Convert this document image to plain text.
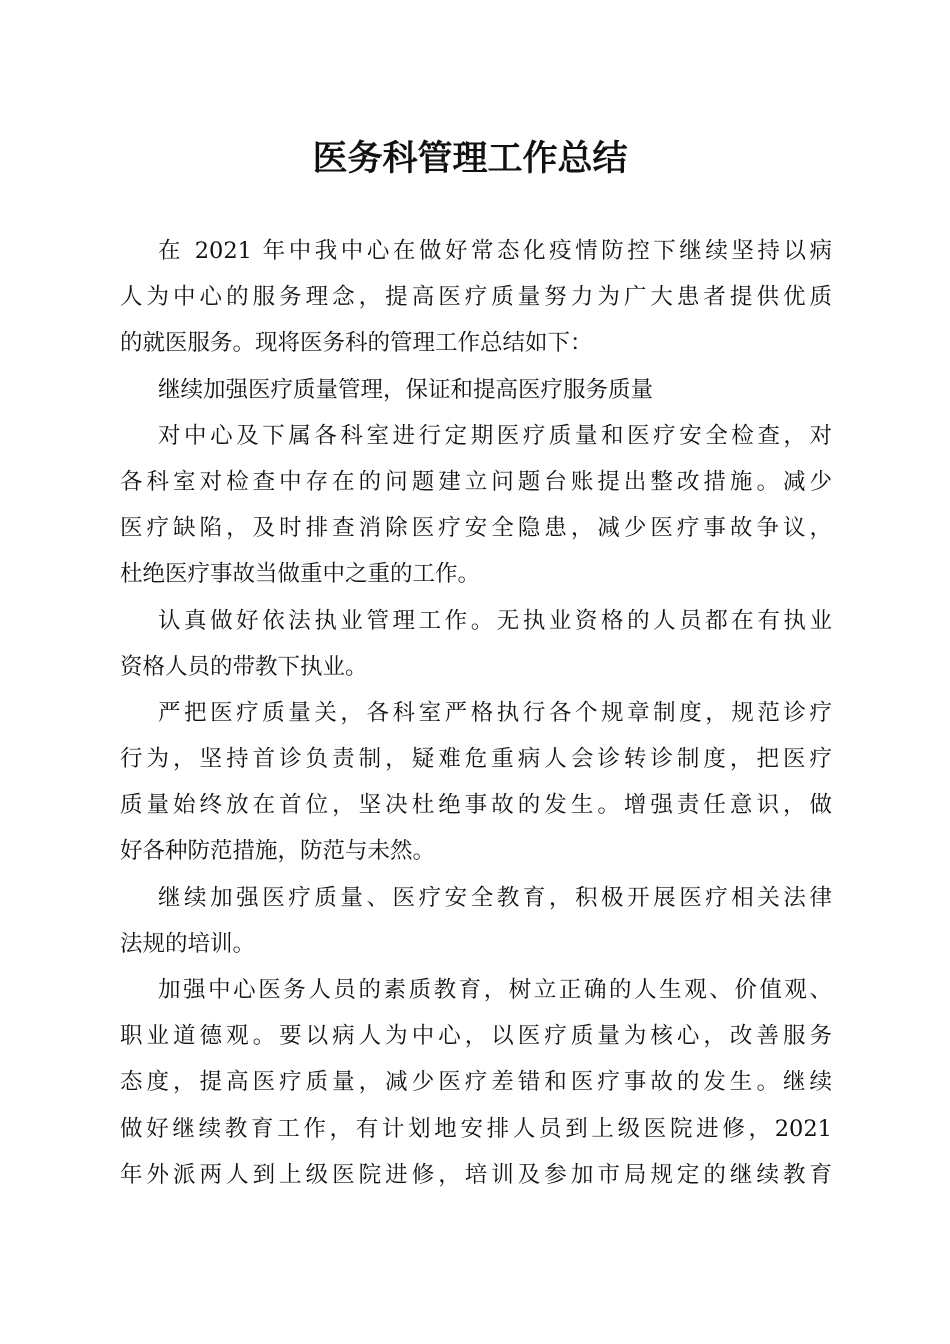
医务科管理工作总结
在 2021 年中我中心在做好常态化疫情防控下继续坚持以病
人为中心的服务理念，提高医疗质量努力为广大患者提供优质
的就医服务。现将医务科的管理工作总结如下：
继续加强医疗质量管理，保证和提高医疗服务质量
对中心及下属各科室进行定期医疗质量和医疗安全检查，对
各科室对检查中存在的问题建立问题台账提出整改措施。减少
医疗缺陷，及时排查消除医疗安全隐患，减少医疗事故争议，
杜绝医疗事故当做重中之重的工作。
认真做好依法执业管理工作。无执业资格的人员都在有执业
资格人员的带教下执业。
严把医疗质量关，各科室严格执行各个规章制度，规范诊疗
行为，坚持首诊负责制，疑难危重病人会诊转诊制度，把医疗
质量始终放在首位，坚决杜绝事故的发生。增强责任意识，做
好各种防范措施，防范与未然。
继续加强医疗质量、医疗安全教育，积极开展医疗相关法律
法规的培训。
加强中心医务人员的素质教育，树立正确的人生观、价值观、
职业道德观。要以病人为中心，以医疗质量为核心，改善服务
态度，提高医疗质量，减少医疗差错和医疗事故的发生。继续
做好继续教育工作，有计划地安排人员到上级医院进修，2021
年外派两人到上级医院进修，培训及参加市局规定的继续教育
